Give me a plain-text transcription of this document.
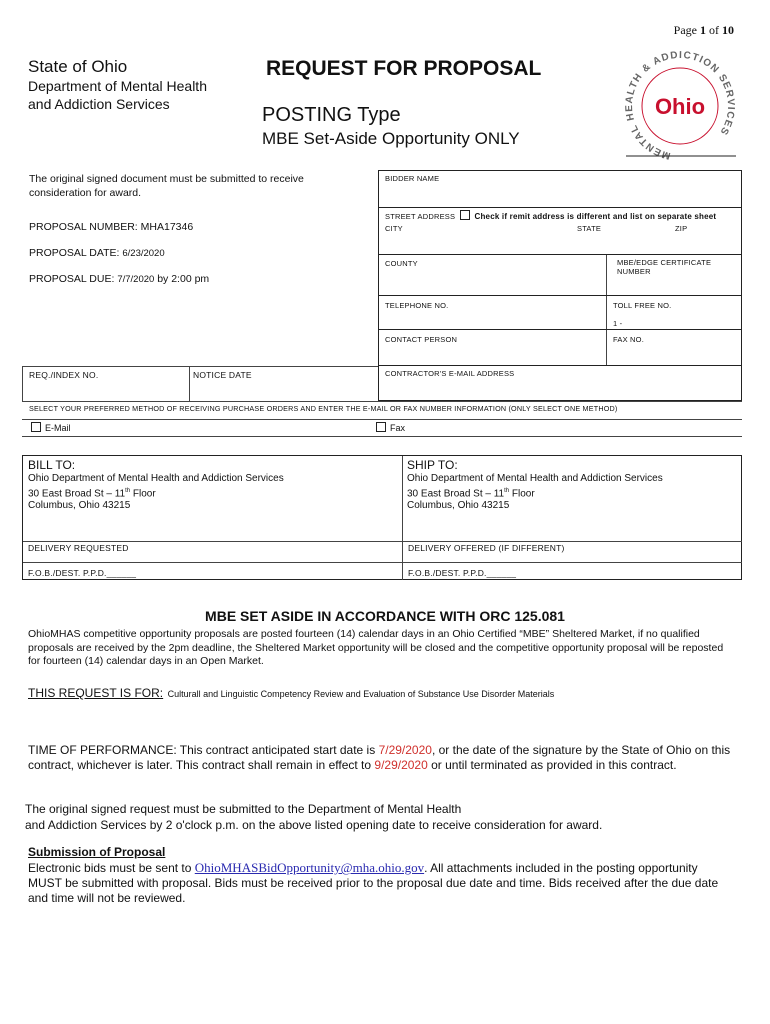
Page 1 of 10
State of Ohio
Department of Mental Health
and Addiction Services
REQUEST FOR PROPOSAL
POSTING Type
MBE Set-Aside Opportunity ONLY
MENTAL HEALTH & ADDICTION SERVICES
Ohio
The original signed document must be submitted to receive consideration for award.
PROPOSAL NUMBER: MHA17346
PROPOSAL DATE: 6/23/2020
PROPOSAL DUE: 7/7/2020 by 2:00 pm
REQ./INDEX NO.	NOTICE DATE
BIDDER NAME
STREET ADDRESS Check if remit address is different and list on separate sheet
CITY	STATE	ZIP
COUNTY	MBE/EDGE CERTIFICATE NUMBER
TELEPHONE NO.	TOLL FREE NO.
1 -
CONTACT PERSON	FAX NO.
CONTRACTOR'S E-MAIL ADDRESS
SELECT YOUR PREFERRED METHOD OF RECEIVING PURCHASE ORDERS AND ENTER THE E-MAIL OR FAX NUMBER INFORMATION (ONLY SELECT ONE METHOD)
E-Mail	Fax
BILL TO:
Ohio Department of Mental Health and Addiction Services
30 East Broad St – 11th Floor
Columbus, Ohio 43215
SHIP TO:
Ohio Department of Mental Health and Addiction Services
30 East Broad St – 11th Floor
Columbus, Ohio 43215
DELIVERY REQUESTED	DELIVERY OFFERED (IF DIFFERENT)
F.O.B./DEST. P.P.D.______	F.O.B./DEST. P.P.D.______
MBE SET ASIDE IN ACCORDANCE WITH ORC 125.081
OhioMHAS competitive opportunity proposals are posted fourteen (14) calendar days in an Ohio Certified “MBE” Sheltered Market, if no qualified proposals are received by the 2pm deadline, the Sheltered Market opportunity will be closed and the competitive opportunity proposal will be reposted for fourteen (14) calendar days in an Open Market.
THIS REQUEST IS FOR: Culturall and Linguistic Competency Review and Evaluation of Substance Use Disorder Materials
TIME OF PERFORMANCE: This contract anticipated start date is 7/29/2020, or the date of the signature by the State of Ohio on this contract, whichever is later. This contract shall remain in effect to 9/29/2020 or until terminated as provided in this contract.
The original signed request must be submitted to the Department of Mental Health
and Addiction Services by 2 o'clock p.m. on the above listed opening date to receive consideration for award.
Submission of Proposal
Electronic bids must be sent to OhioMHASBidOpportunity@mha.ohio.gov. All attachments included in the posting opportunity MUST be submitted with proposal. Bids must be received prior to the proposal due date and time. Bids received after the due date and time will not be reviewed.
